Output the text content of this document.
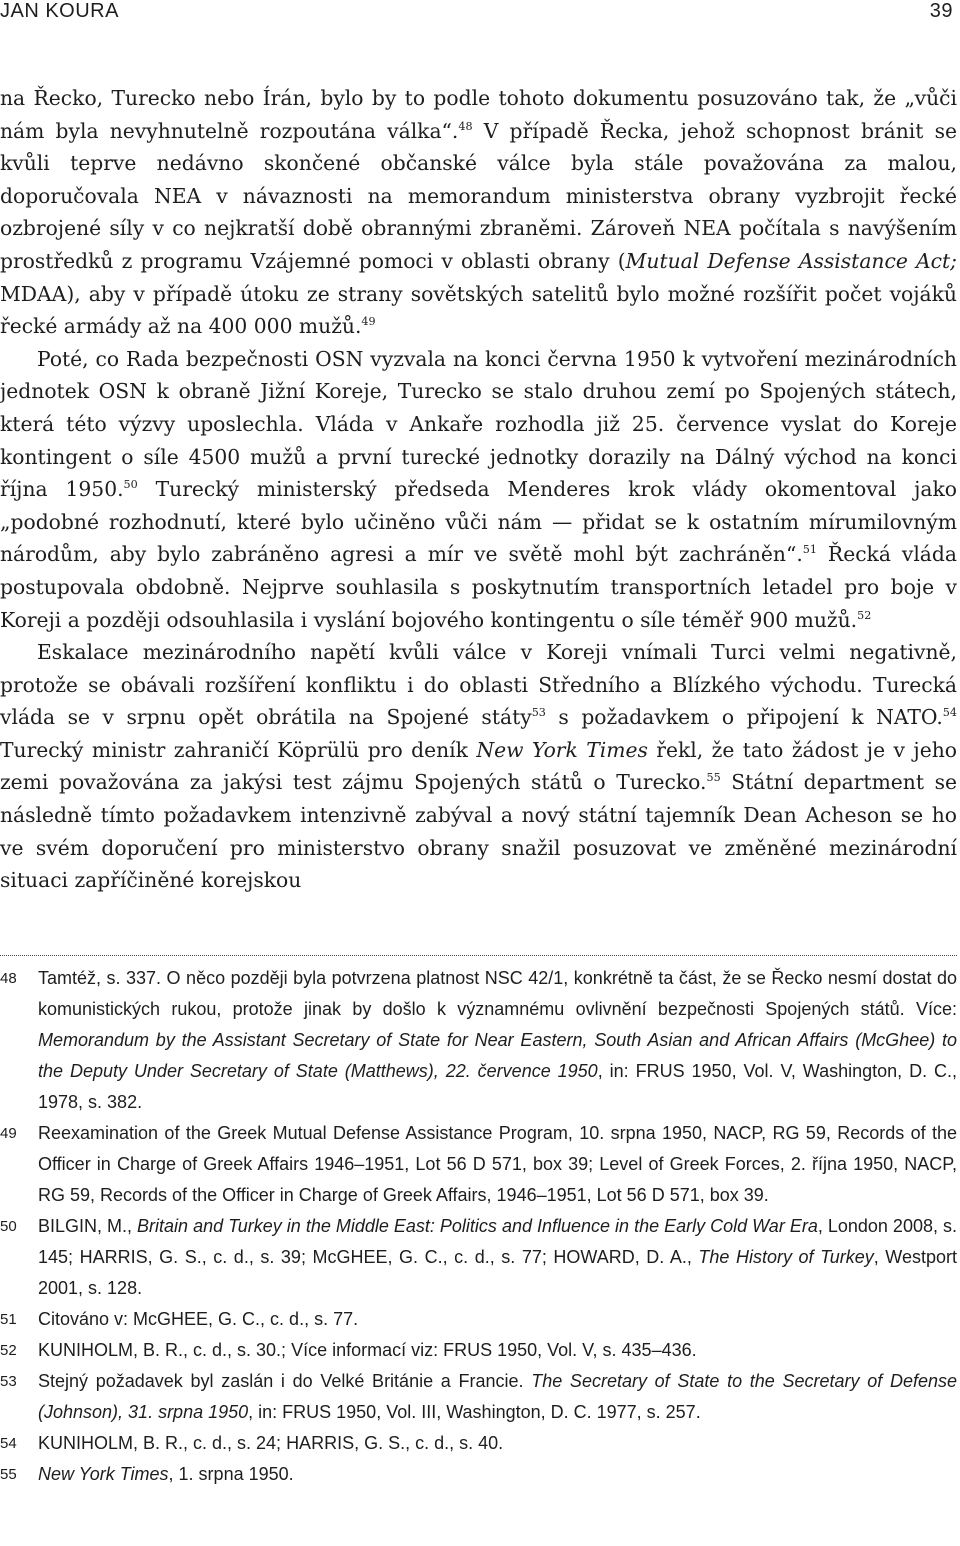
JAN KOURA	39

na Řecko, Turecko nebo Írán, bylo by to podle tohoto dokumentu posuzováno tak, že „vůči nám byla nevyhnutelně rozpoutána válka“.$^{48}$ V případě Řecka, jehož schopnost bránit se kvůli teprve nedávno skončené občanské válce byla stále považována za malou, doporučovala NEA v návaznosti na memorandum ministerstva obrany vyzbrojit řecké ozbrojené síly v co nejkratší době obrannými zbraněmi. Zároveň NEA počítala s navýšením prostředků z programu Vzájemné pomoci v oblasti obrany (Mutual Defense Assistance Act; MDAA), aby v případě útoku ze strany sovětských satelitů bylo možné rozšířit počet vojáků řecké armády až na 400 000 mužů.$^{49}$

Poté, co Rada bezpečnosti OSN vyzvala na konci června 1950 k vytvoření mezinárodních jednotek OSN k obraně Jižní Koreje, Turecko se stalo druhou zemí po Spojených státech, která této výzvy uposlechla. Vláda v Ankaře rozhodla již 25. července vyslat do Koreje kontingent o síle 4500 mužů a první turecké jednotky dorazily na Dálný východ na konci října 1950.50 Turecký ministerský předseda Menderes krok vlády okomentoval jako „podobné rozhodnutí, které bylo učiněno vůči nám — přidat se k ostatním mírumilovným národům, aby bylo zabráněno agresi a mír ve světě mohl být zachráněn“.$^{51}$ Řecká vláda postupovala obdobně. Nejprve souhlasila s poskytnutím transportních letadel pro boje v Koreji a později odsouhlasila i vyslání bojového kontingentu o síle téměř 900 mužů.$^{52}$

Eskalace mezinárodního napětí kvůli válce v Koreji vnímali Turci velmi negativně, protože se obávali rozšíření konfliktu i do oblasti Středního a Blízkého východu. Turecká vláda se v srpnu opět obrátila na Spojené státy$^{53}$ s požadavkem o připojení k NATO.$^{54}$ Turecký ministr zahraničí Köprülü pro deník New York Times řekl, že tato žádost je v jeho zemi považována za jakýsi test zájmu Spojených států o Turecko.$^{55}$ Státní department se následně tímto požadavkem intenzivně zabýval a nový státní tajemník Dean Acheson se ho ve svém doporučení pro ministerstvo obrany snažil posuzovat ve změněné mezinárodní situaci zapříčiněné korejskou

48 Tamtéž, s. 337. O něco později byla potvrzena platnost NSC 42/1, konkrétně ta část, že se Řecko nesmí dostat do komunistických rukou, protože jinak by došlo k významnému ovlivnění bezpečnosti Spojených států. Více: Memorandum by the Assistant Secretary of State for Near Eastern, South Asian and African Affairs (McGhee) to the Deputy Under Secretary of State (Matthews), 22. července 1950, in: FRUS 1950, Vol. V, Washington, D. C., 1978, s. 382.
49 Reexamination of the Greek Mutual Defense Assistance Program, 10. srpna 1950, NACP, RG 59, Records of the Officer in Charge of Greek Affairs 1946–1951, Lot 56 D 571, box 39; Level of Greek Forces, 2. října 1950, NACP, RG 59, Records of the Officer in Charge of Greek Affairs, 1946–1951, Lot 56 D 571, box 39.
50 BILGIN, M., Britain and Turkey in the Middle East: Politics and Influence in the Early Cold War Era, London 2008, s. 145; HARRIS, G. S., c. d., s. 39; McGHEE, G. C., c. d., s. 77; HOWARD, D. A., The History of Turkey, Westport 2001, s. 128.
51 Citováno v: McGHEE, G. C., c. d., s. 77.
52 KUNIHOLM, B. R., c. d., s. 30.; Více informací viz: FRUS 1950, Vol. V, s. 435–436.
53 Stejný požadavek byl zaslán i do Velké Británie a Francie. The Secretary of State to the Secretary of Defense (Johnson), 31. srpna 1950, in: FRUS 1950, Vol. III, Washington, D. C. 1977, s. 257.
54 KUNIHOLM, B. R., c. d., s. 24; HARRIS, G. S., c. d., s. 40.
55 New York Times, 1. srpna 1950.
